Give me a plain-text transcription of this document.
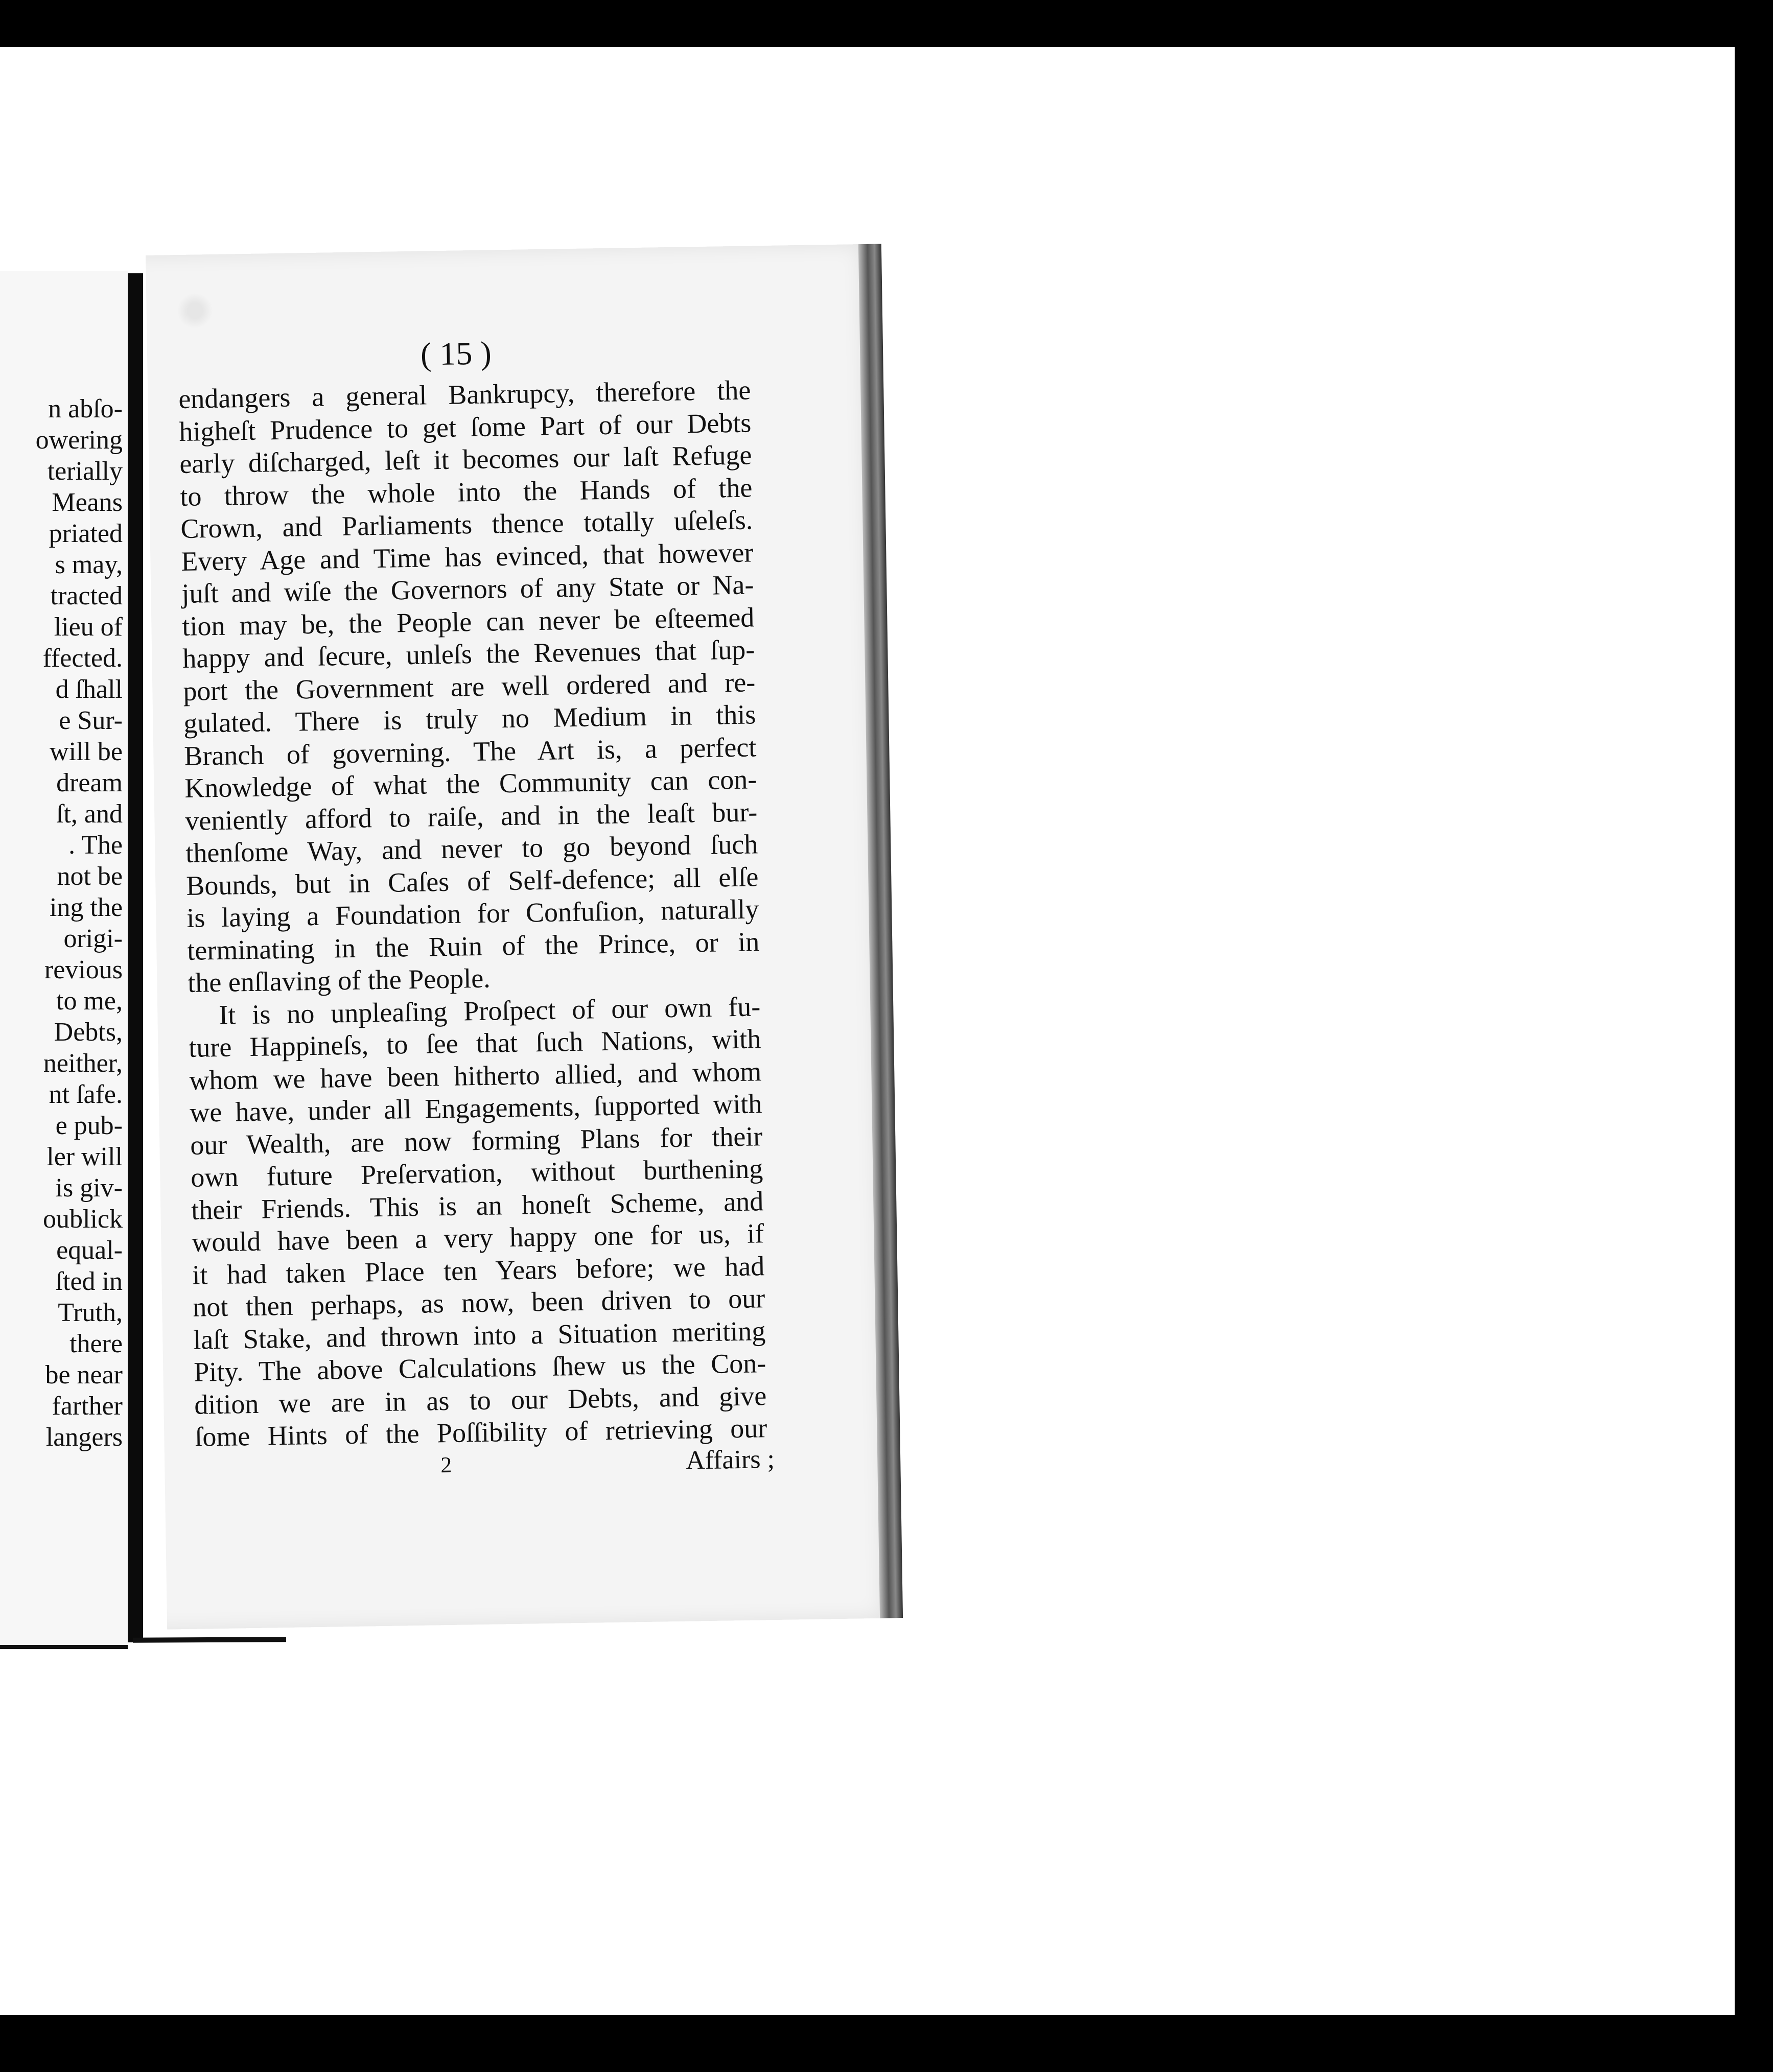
n abſo-
owering
terially
Means
priated
s may,
tracted
lieu of
ffected.
d ſhall
e Sur-
will be
dream
ſt, and
. The
not be
ing the
origi-
revious
to me,
Debts,
neither,
nt ſafe.
e pub-
ler will
is giv-
oublick
equal-
ſted in
Truth,
there
be near
farther
langers
( 15 )
2	Affairs ;
endangers a general Bankrupcy, therefore the
higheſt Prudence to get ſome Part of our Debts
early diſcharged, leſt it becomes our laſt Refuge
to throw the whole into the Hands of the
Crown, and Parliaments thence totally uſeleſs.
Every Age and Time has evinced, that however
juſt and wiſe the Governors of any State or Na-
tion may be, the People can never be eſteemed
happy and ſecure, unleſs the Revenues that ſup-
port the Government are well ordered and re-
gulated. There is truly no Medium in this
Branch of governing. The Art is, a perfect
Knowledge of what the Community can con-
veniently afford to raiſe, and in the leaſt bur-
thenſome Way, and never to go beyond ſuch
Bounds, but in Caſes of Self-defence; all elſe
is laying a Foundation for Confuſion, naturally
terminating in the Ruin of the Prince, or in
the enſlaving of the People.
It is no unpleaſing Proſpect of our own fu-
ture Happineſs, to ſee that ſuch Nations, with
whom we have been hitherto allied, and whom
we have, under all Engagements, ſupported with
our Wealth, are now forming Plans for their
own future Preſervation, without burthening
their Friends. This is an honeſt Scheme, and
would have been a very happy one for us, if
it had taken Place ten Years before; we had
not then perhaps, as now, been driven to our
laſt Stake, and thrown into a Situation meriting
Pity. The above Calculations ſhew us the Con-
dition we are in as to our Debts, and give
ſome Hints of the Poſſibility of retrieving our
